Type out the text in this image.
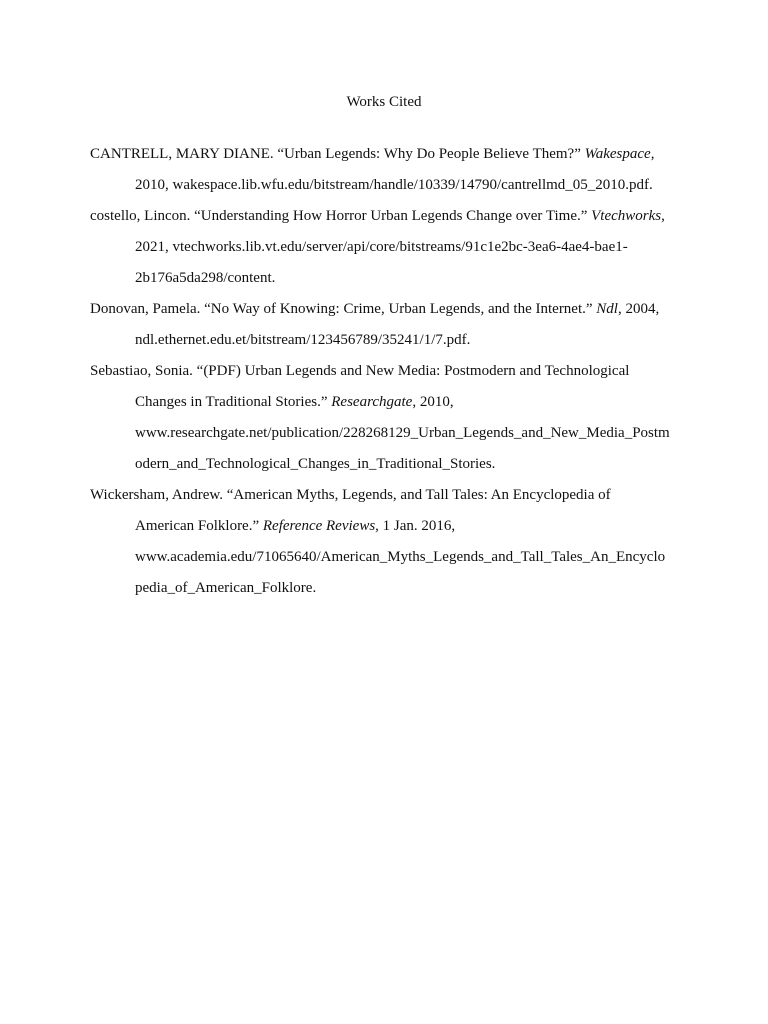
Works Cited
CANTRELL, MARY DIANE. “Urban Legends: Why Do People Believe Them?” Wakespace,
2010, wakespace.lib.wfu.edu/bitstream/handle/10339/14790/cantrellmd_05_2010.pdf.
costello, Lincon. “Understanding How Horror Urban Legends Change over Time.” Vtechworks,
2021, vtechworks.lib.vt.edu/server/api/core/bitstreams/91c1e2bc-3ea6-4ae4-bae1-
2b176a5da298/content.
Donovan, Pamela. “No Way of Knowing: Crime, Urban Legends, and the Internet.” Ndl, 2004,
ndl.ethernet.edu.et/bitstream/123456789/35241/1/7.pdf.
Sebastiao, Sonia. “(PDF) Urban Legends and New Media: Postmodern and Technological
Changes in Traditional Stories.” Researchgate, 2010,
www.researchgate.net/publication/228268129_Urban_Legends_and_New_Media_Postm
odern_and_Technological_Changes_in_Traditional_Stories.
Wickersham, Andrew. “American Myths, Legends, and Tall Tales: An Encyclopedia of
American Folklore.” Reference Reviews, 1 Jan. 2016,
www.academia.edu/71065640/American_Myths_Legends_and_Tall_Tales_An_Encyclo
pedia_of_American_Folklore.
